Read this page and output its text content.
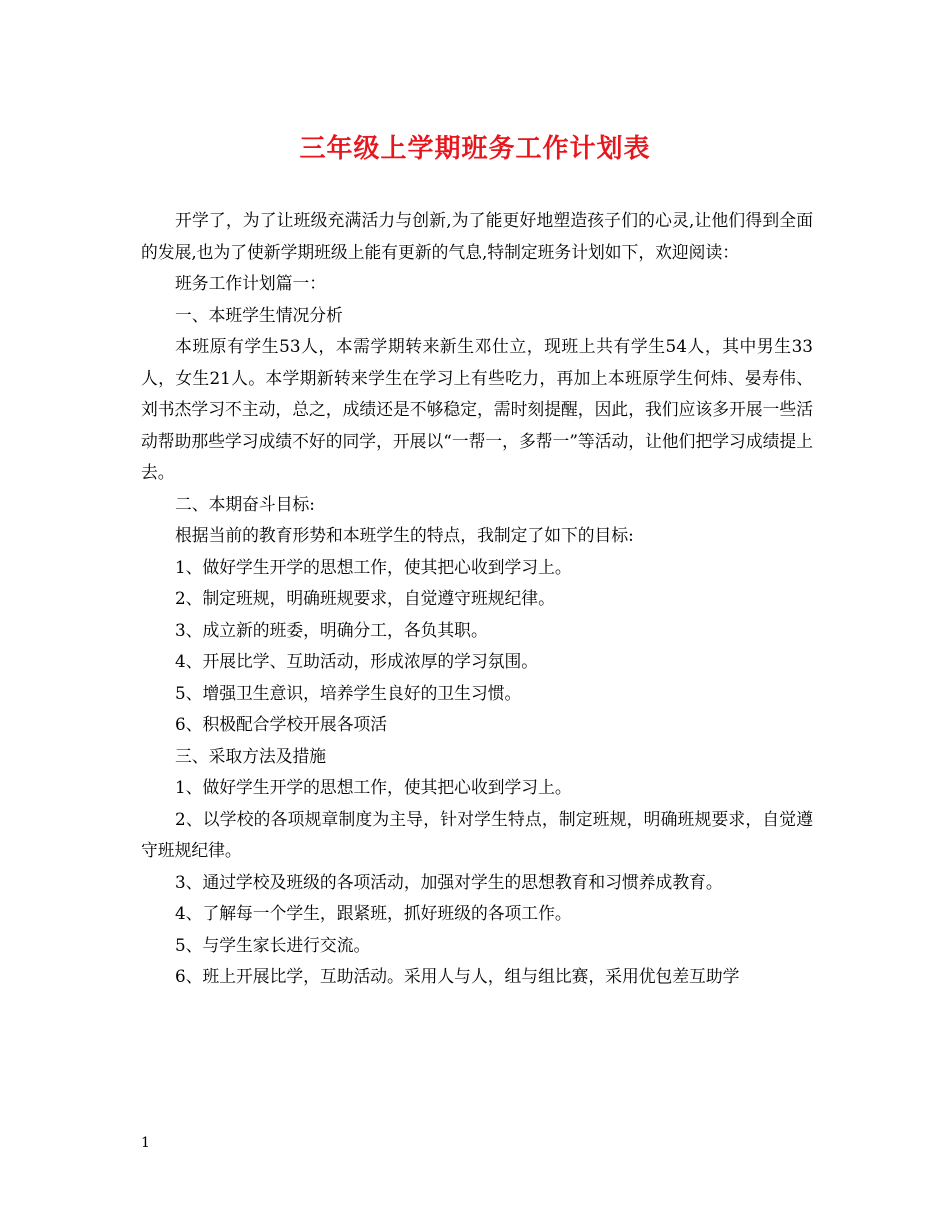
三年级上学期班务工作计划表

开学了，为了让班级充满活力与创新,为了能更好地塑造孩子们的心灵,让他们得到全面的发展,也为了使新学期班级上能有更新的气息,特制定班务计划如下，欢迎阅读：

班务工作计划篇一：

一、本班学生情况分析

本班原有学生53人，本需学期转来新生邓仕立，现班上共有学生54人，其中男生33人，女生21人。本学期新转来学生在学习上有些吃力，再加上本班原学生何炜、晏寿伟、刘书杰学习不主动，总之，成绩还是不够稳定，需时刻提醒，因此，我们应该多开展一些活动帮助那些学习成绩不好的同学，开展以“一帮一，多帮一”等活动，让他们把学习成绩提上去。

二、本期奋斗目标:

根据当前的教育形势和本班学生的特点，我制定了如下的目标:

1、做好学生开学的思想工作，使其把心收到学习上。

2、制定班规，明确班规要求，自觉遵守班规纪律。

3、成立新的班委，明确分工，各负其职。

4、开展比学、互助活动，形成浓厚的学习氛围。

5、增强卫生意识，培养学生良好的卫生习惯。

6、积极配合学校开展各项活

三、采取方法及措施

1、做好学生开学的思想工作，使其把心收到学习上。

2、以学校的各项规章制度为主导，针对学生特点，制定班规，明确班规要求，自觉遵守班规纪律。

3、通过学校及班级的各项活动，加强对学生的思想教育和习惯养成教育。

4、了解每一个学生，跟紧班，抓好班级的各项工作。

5、与学生家长进行交流。

6、班上开展比学，互助活动。采用人与人，组与组比赛，采用优包差互助学

1
